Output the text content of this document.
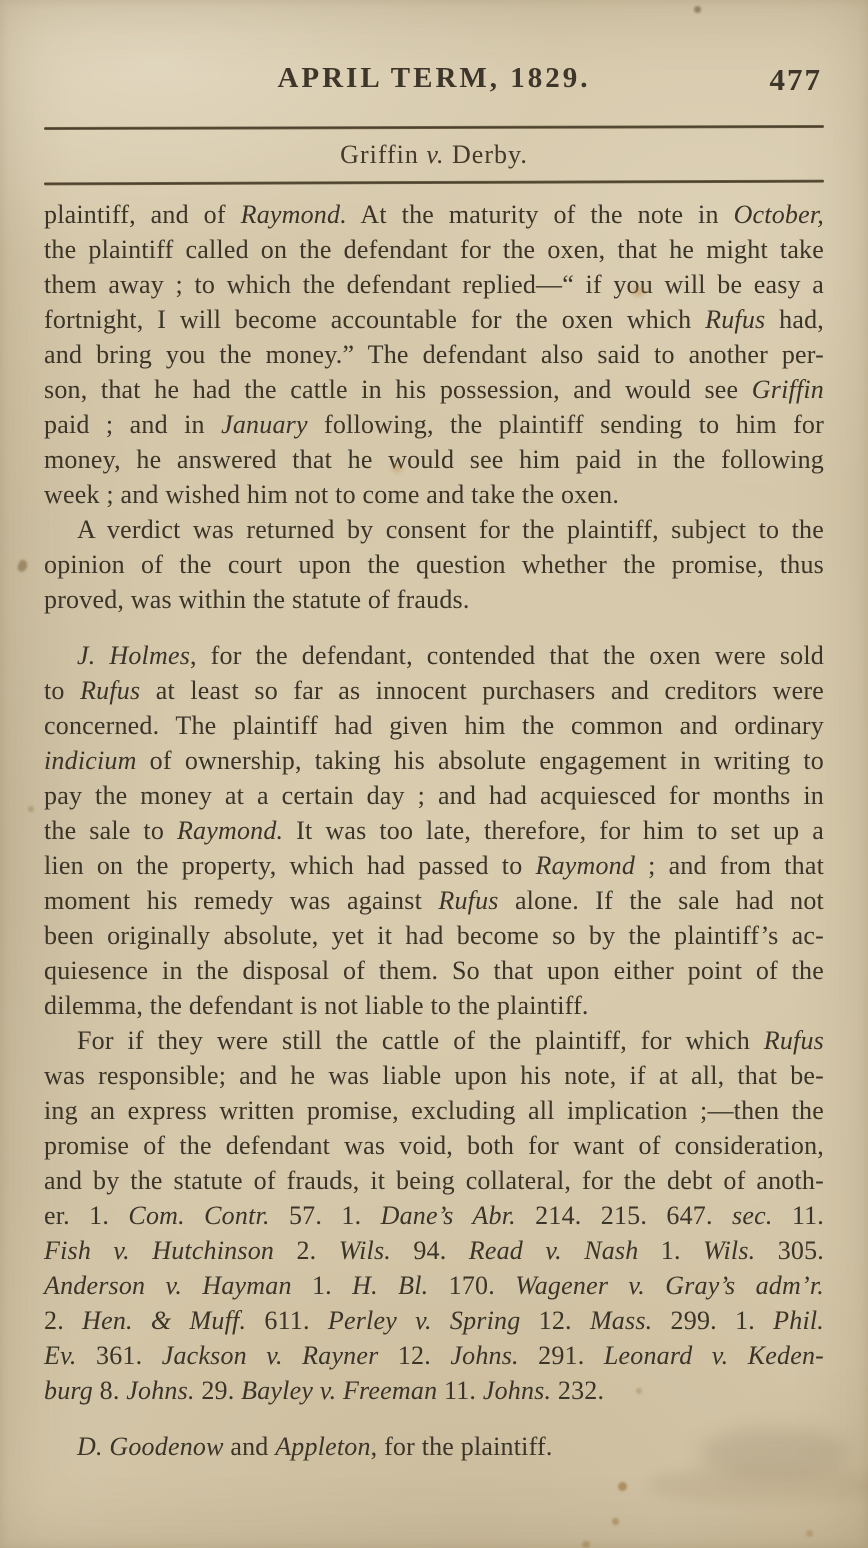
APRIL TERM, 1829.	477
Griffin v. Derby.
plaintiff, and of Raymond. At the maturity of the note in October,
the plaintiff called on the defendant for the oxen, that he might take
them away ; to which the defendant replied—“ if you will be easy a
fortnight, I will become accountable for the oxen which Rufus had,
and bring you the money.” The defendant also said to another per-
son, that he had the cattle in his possession, and would see Griffin
paid ; and in January following, the plaintiff sending to him for
money, he answered that he would see him paid in the following
week ; and wished him not to come and take the oxen.
A verdict was returned by consent for the plaintiff, subject to the
opinion of the court upon the question whether the promise, thus
proved, was within the statute of frauds.
J. Holmes, for the defendant, contended that the oxen were sold
to Rufus at least so far as innocent purchasers and creditors were
concerned. The plaintiff had given him the common and ordinary
indicium of ownership, taking his absolute engagement in writing to
pay the money at a certain day ; and had acquiesced for months in
the sale to Raymond. It was too late, therefore, for him to set up a
lien on the property, which had passed to Raymond ; and from that
moment his remedy was against Rufus alone. If the sale had not
been originally absolute, yet it had become so by the plaintiff’s ac-
quiesence in the disposal of them. So that upon either point of the
dilemma, the defendant is not liable to the plaintiff.
For if they were still the cattle of the plaintiff, for which Rufus
was responsible; and he was liable upon his note, if at all, that be-
ing an express written promise, excluding all implication ;—then the
promise of the defendant was void, both for want of consideration,
and by the statute of frauds, it being collateral, for the debt of anoth-
er. 1. Com. Contr. 57. 1. Dane’s Abr. 214. 215. 647. sec. 11.
Fish v. Hutchinson 2. Wils. 94. Read v. Nash 1. Wils. 305.
Anderson v. Hayman 1. H. Bl. 170. Wagener v. Gray’s adm’r.
2. Hen. & Muff. 611. Perley v. Spring 12. Mass. 299. 1. Phil.
Ev. 361. Jackson v. Rayner 12. Johns. 291. Leonard v. Keden-
burg 8. Johns. 29. Bayley v. Freeman 11. Johns. 232.
D. Goodenow and Appleton, for the plaintiff.
